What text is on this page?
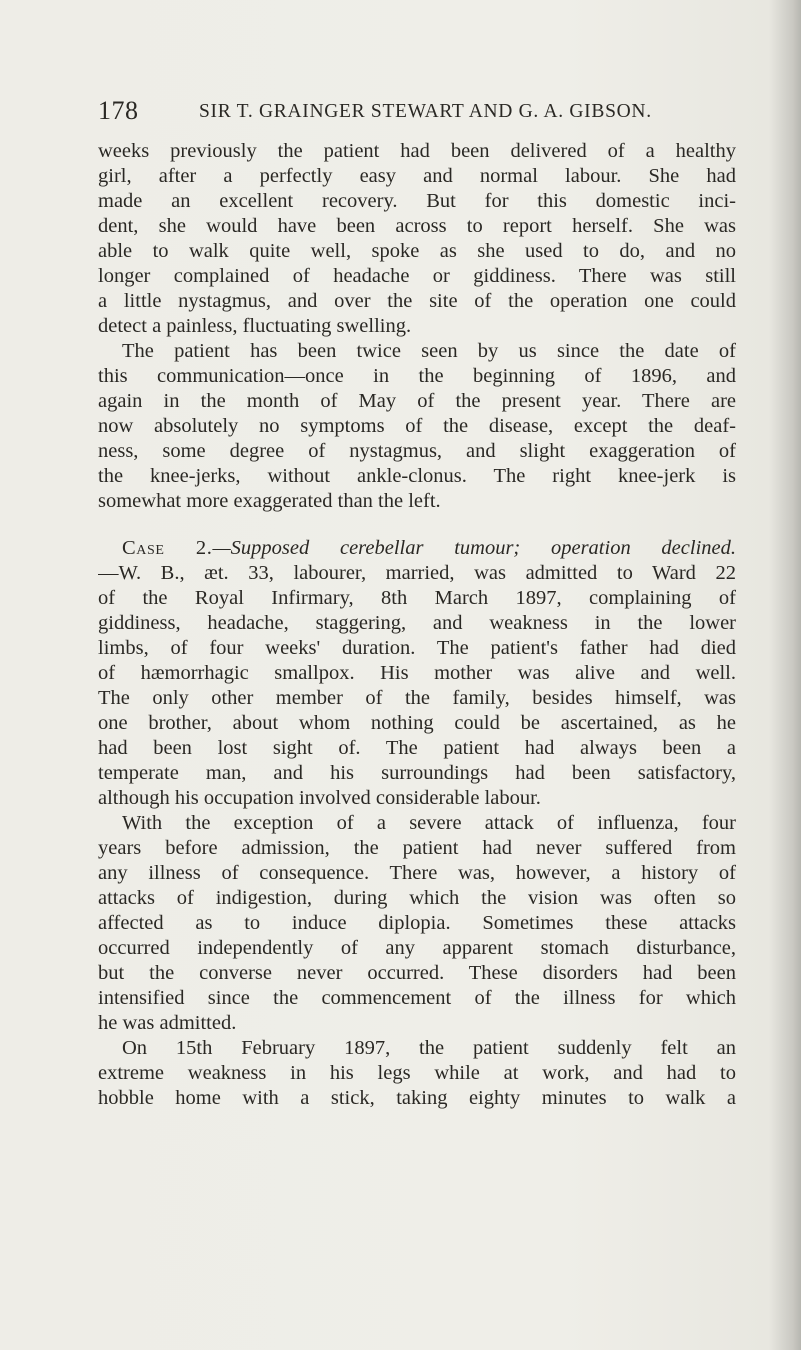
178	SIR T. GRAINGER STEWART AND G. A. GIBSON.
weeks previously the patient had been delivered of a healthy
girl, after a perfectly easy and normal labour. She had
made an excellent recovery. But for this domestic inci-
dent, she would have been across to report herself. She was
able to walk quite well, spoke as she used to do, and no
longer complained of headache or giddiness. There was still
a little nystagmus, and over the site of the operation one could
detect a painless, fluctuating swelling.
The patient has been twice seen by us since the date of
this communication—once in the beginning of 1896, and
again in the month of May of the present year. There are
now absolutely no symptoms of the disease, except the deaf-
ness, some degree of nystagmus, and slight exaggeration of
the knee-jerks, without ankle-clonus. The right knee-jerk is
somewhat more exaggerated than the left.
Case 2.—Supposed cerebellar tumour; operation declined.
—W. B., æt. 33, labourer, married, was admitted to Ward 22
of the Royal Infirmary, 8th March 1897, complaining of
giddiness, headache, staggering, and weakness in the lower
limbs, of four weeks' duration. The patient's father had died
of hæmorrhagic smallpox. His mother was alive and well.
The only other member of the family, besides himself, was
one brother, about whom nothing could be ascertained, as he
had been lost sight of. The patient had always been a
temperate man, and his surroundings had been satisfactory,
although his occupation involved considerable labour.
With the exception of a severe attack of influenza, four
years before admission, the patient had never suffered from
any illness of consequence. There was, however, a history of
attacks of indigestion, during which the vision was often so
affected as to induce diplopia. Sometimes these attacks
occurred independently of any apparent stomach disturbance,
but the converse never occurred. These disorders had been
intensified since the commencement of the illness for which
he was admitted.
On 15th February 1897, the patient suddenly felt an
extreme weakness in his legs while at work, and had to
hobble home with a stick, taking eighty minutes to walk a
